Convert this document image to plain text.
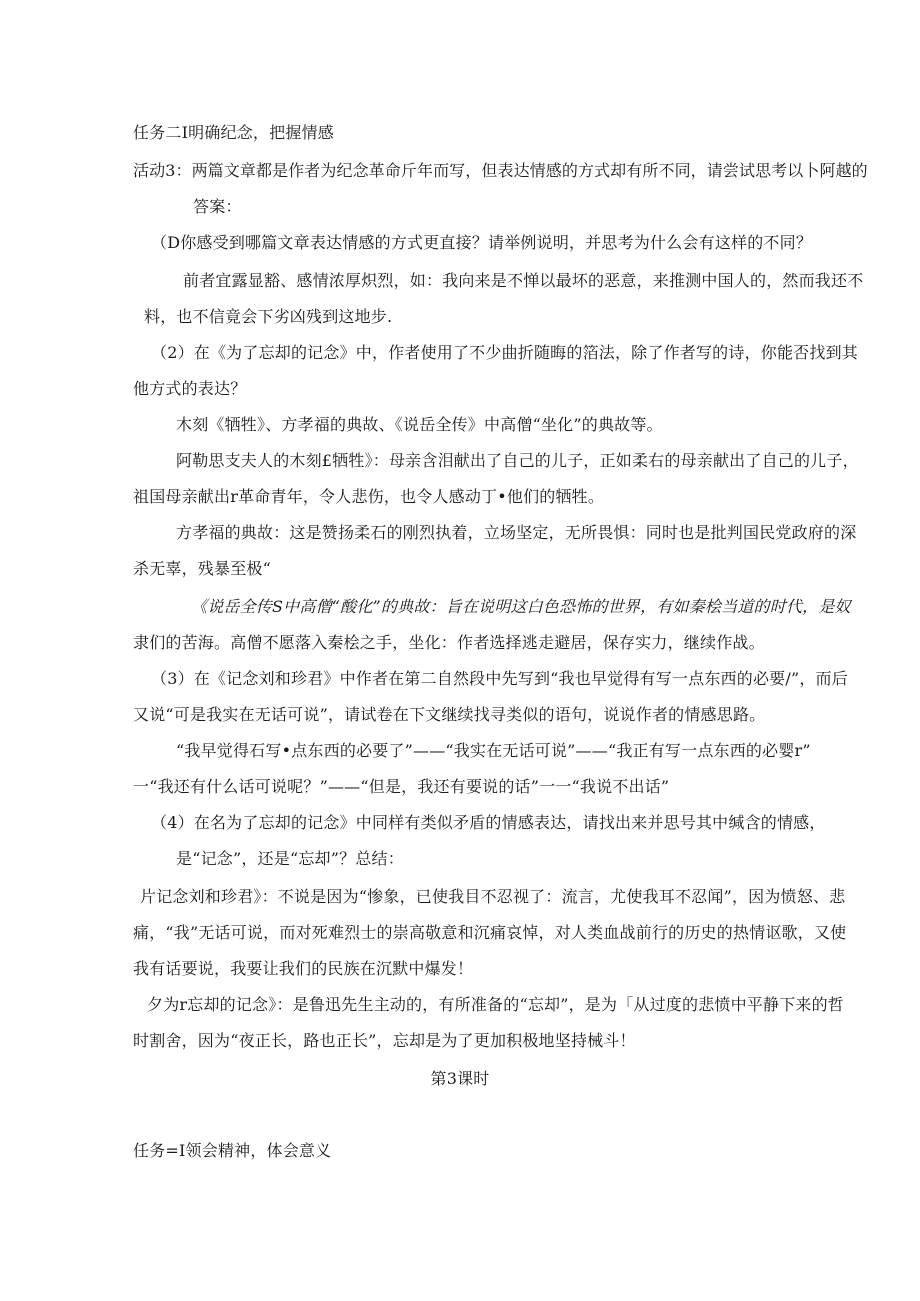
任务二I明确纪念，把握情感
活动3：两篇文章都是作者为纪念革命斤年而写，但表达情感的方式却有所不同，请尝试思考以卜阿越的
答案：
（D你感受到哪篇文章表达情感的方式更直接？请举例说明，并思考为什么会有这样的不同？
前者宜露显豁、感情浓厚炽烈，如：我向来是不惮以最坏的恶意，来推测中国人的，然而我还不
料，也不信竟会下劣凶残到这地步.
（2）在《为了忘却的记念》中，作者使用了不少曲折随晦的箔法，除了作者写的诗，你能否找到其
他方式的表达？
木刻《牺牲》、方孝福的典故、《说岳全传》中高僧“坐化”的典故等。
阿勒思支夫人的木刻£牺牲》：母亲含泪献出了自己的儿子，正如柔右的母亲献出了自己的儿子，
祖国母亲献出r革命青年，令人悲伤，也令人感动丁•他们的牺牲。
方孝福的典故：这是赞扬柔石的刚烈执着，立场坚定，无所畏惧：同时也是批判国民党政府的深
杀无辜，残暴至极“
《说岳全传S中高僧“酸化”的典故：旨在说明这白色恐怖的世界，有如秦桧当道的时代，是奴
隶们的苦海。高僧不愿落入秦桧之手，坐化：作者选择逃走避居，保存实力，继续作战。
（3）在《记念刘和珍君》中作者在第二自然段中先写到“我也早觉得有写一点东西的必要/”，而后
又说“可是我实在无话可说”，请试卷在下文继续找寻类似的语句，说说作者的情感思路。
“我早觉得石写•点东西的必要了”——“我实在无话可说”——“我正有写一点东西的必婴r”
一“我还有什么话可说呢？”——“但是，我还有要说的话”一一“我说不出话”
（4）在名为了忘却的记念》中同样有类似矛盾的情感表达，请找出来并思号其中缄含的情感，
是“记念”，还是“忘却”？总结：
片记念刘和珍君》：不说是因为“惨象，已使我目不忍视了：流言，尤使我耳不忍闻”，因为愤怒、悲
痛，“我”无话可说，而对死难烈士的崇高敬意和沉痛哀悼，对人类血战前行的历史的热情讴歌，又使
我有话要说，我要让我们的民族在沉默中爆发！
夕为r忘却的记念》：是鲁迅先生主动的，有所准备的“忘却”，是为「从过度的悲愤中平静下来的哲
时割舍，因为“夜正长，路也正长”，忘却是为了更加积极地坚持械斗！
第3课时
任务=I领会精神，体会意义
